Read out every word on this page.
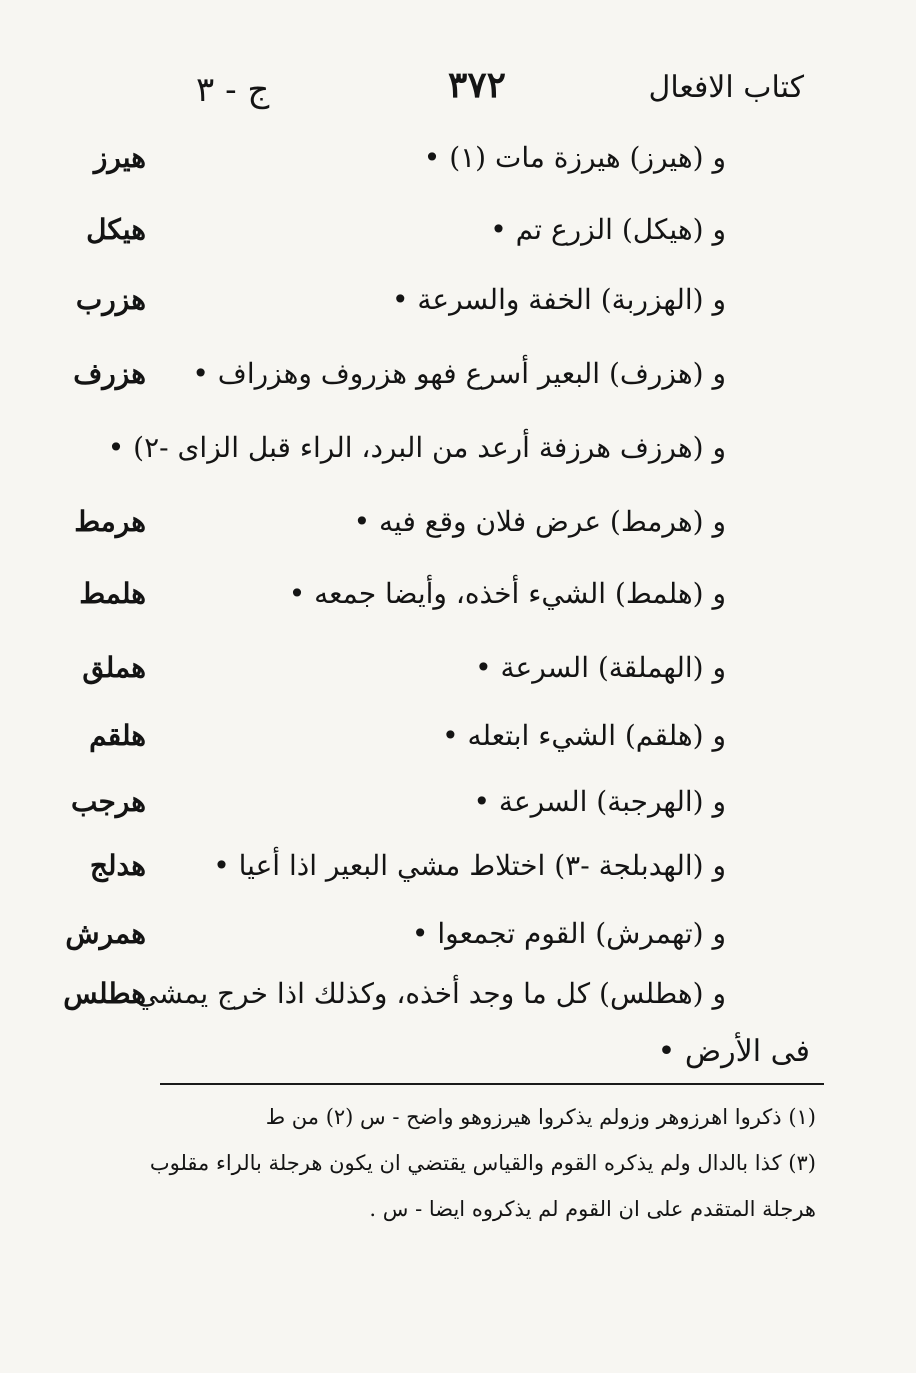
كتاب الافعال
٣٧٢
ج - ٣
و (هيرز) هيرزة مات (١) •
هيرز
و (هيكل) الزرع تم •
هيكل
و (الهزربة) الخفة والسرعة •
هزرب
و (هزرف) البعير أسرع فهو هزروف وهزراف •
هزرف
و (هرزف هرزفة أرعد من البرد، الراء قبل الزاى -٢) •
و (هرمط) عرض فلان وقع فيه •
هرمط
و (هلمط) الشيء أخذه، وأيضا جمعه •
هلمط
و (الهملقة) السرعة •
هملق
و (هلقم) الشيء ابتعله •
هلقم
و (الهرجبة) السرعة •
هرجب
و (الهدبلجة -٣) اختلاط مشي البعير اذا أعيا •
هدلج
و (تهمرش) القوم تجمعوا •
همرش
و (هطلس) كل ما وجد أخذه، وكذلك اذا خرج يمشي
هطلس
فى الأرض •
(١) ذكروا اهرزوهر وزولم يذكروا هيرزوهو واضح - س (٢) من ط
(٣) كذا بالدال ولم يذكره القوم والقياس يقتضي ان يكون هرجلة بالراء مقلوب
هرجلة المتقدم على ان القوم لم يذكروه ايضا - س .
